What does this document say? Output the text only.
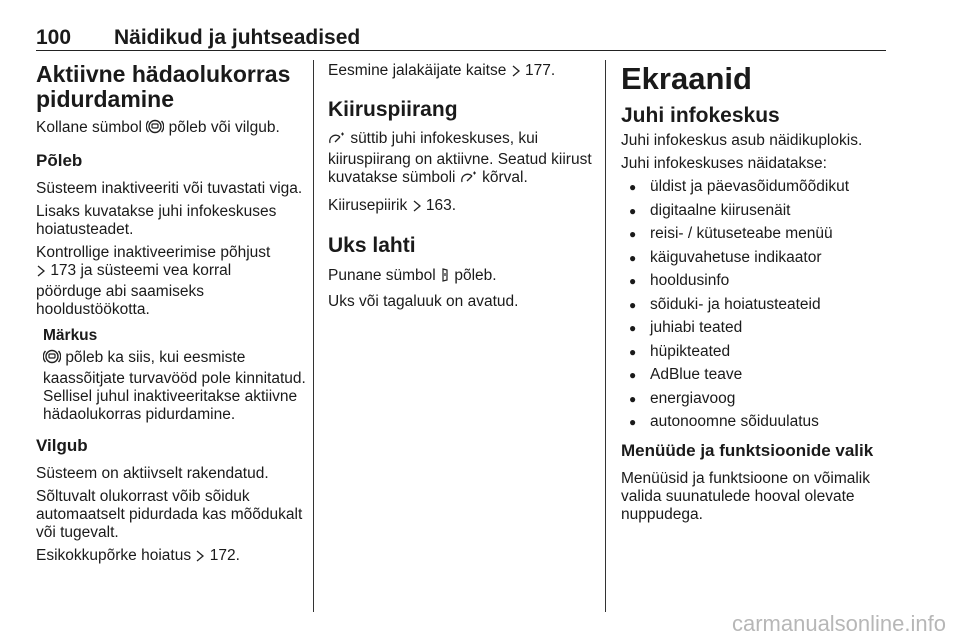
100 Näidikud ja juhtseadised
Aktiivne hädaolukorras pidurdamine

Kollane sümbol põleb või vilgub.

Põleb

Süsteem inaktiveeriti või tuvastati viga.

Lisaks kuvatakse juhi infokeskuses hoiatusteadet.

Kontrollige inaktiveerimise põhjust
173 ja süsteemi vea korral
pöörduge abi saamiseks
hooldustöökotta.

Märkus

põleb ka siis, kui eesmiste kaassõitjate turvavööd pole kinnitatud. Sellisel juhul inaktiveeritakse aktiivne hädaolukorras pidurdamine.

Vilgub

Süsteem on aktiivselt rakendatud.

Sõltuvalt olukorrast võib sõiduk automaatselt pidurdada kas mõõdukalt või tugevalt.

Esikokkupõrke hoiatus 172.

Eesmine jalakäijate kaitse 177.

Kiiruspiirang

süttib juhi infokeskuses, kui kiiruspiirang on aktiivne. Seatud kiirust kuvatakse sümboli kõrval.

Kiirusepiirik 163.

Uks lahti

Punane sümbol põleb.

Uks või tagaluuk on avatud.

Ekraanid
Juhi infokeskus

Juhi infokeskus asub näidikuplokis.

Juhi infokeskuses näidatakse:

● üldist ja päevasõidumõõdikut
● digitaalne kiirusenäit
● reisi- / kütuseteabe menüü
● käiguvahetuse indikaator
● hooldusinfo
● sõiduki- ja hoiatusteateid
● juhiabi teated
● hüpikteated
● AdBlue teave
● energiavoog
● autonoomne sõiduulatus
Menüüde ja funktsioonide valik

Menüüsid ja funktsioone on võimalik valida suunatulede hooval olevate nuppudega.

carmanualsonline.info
